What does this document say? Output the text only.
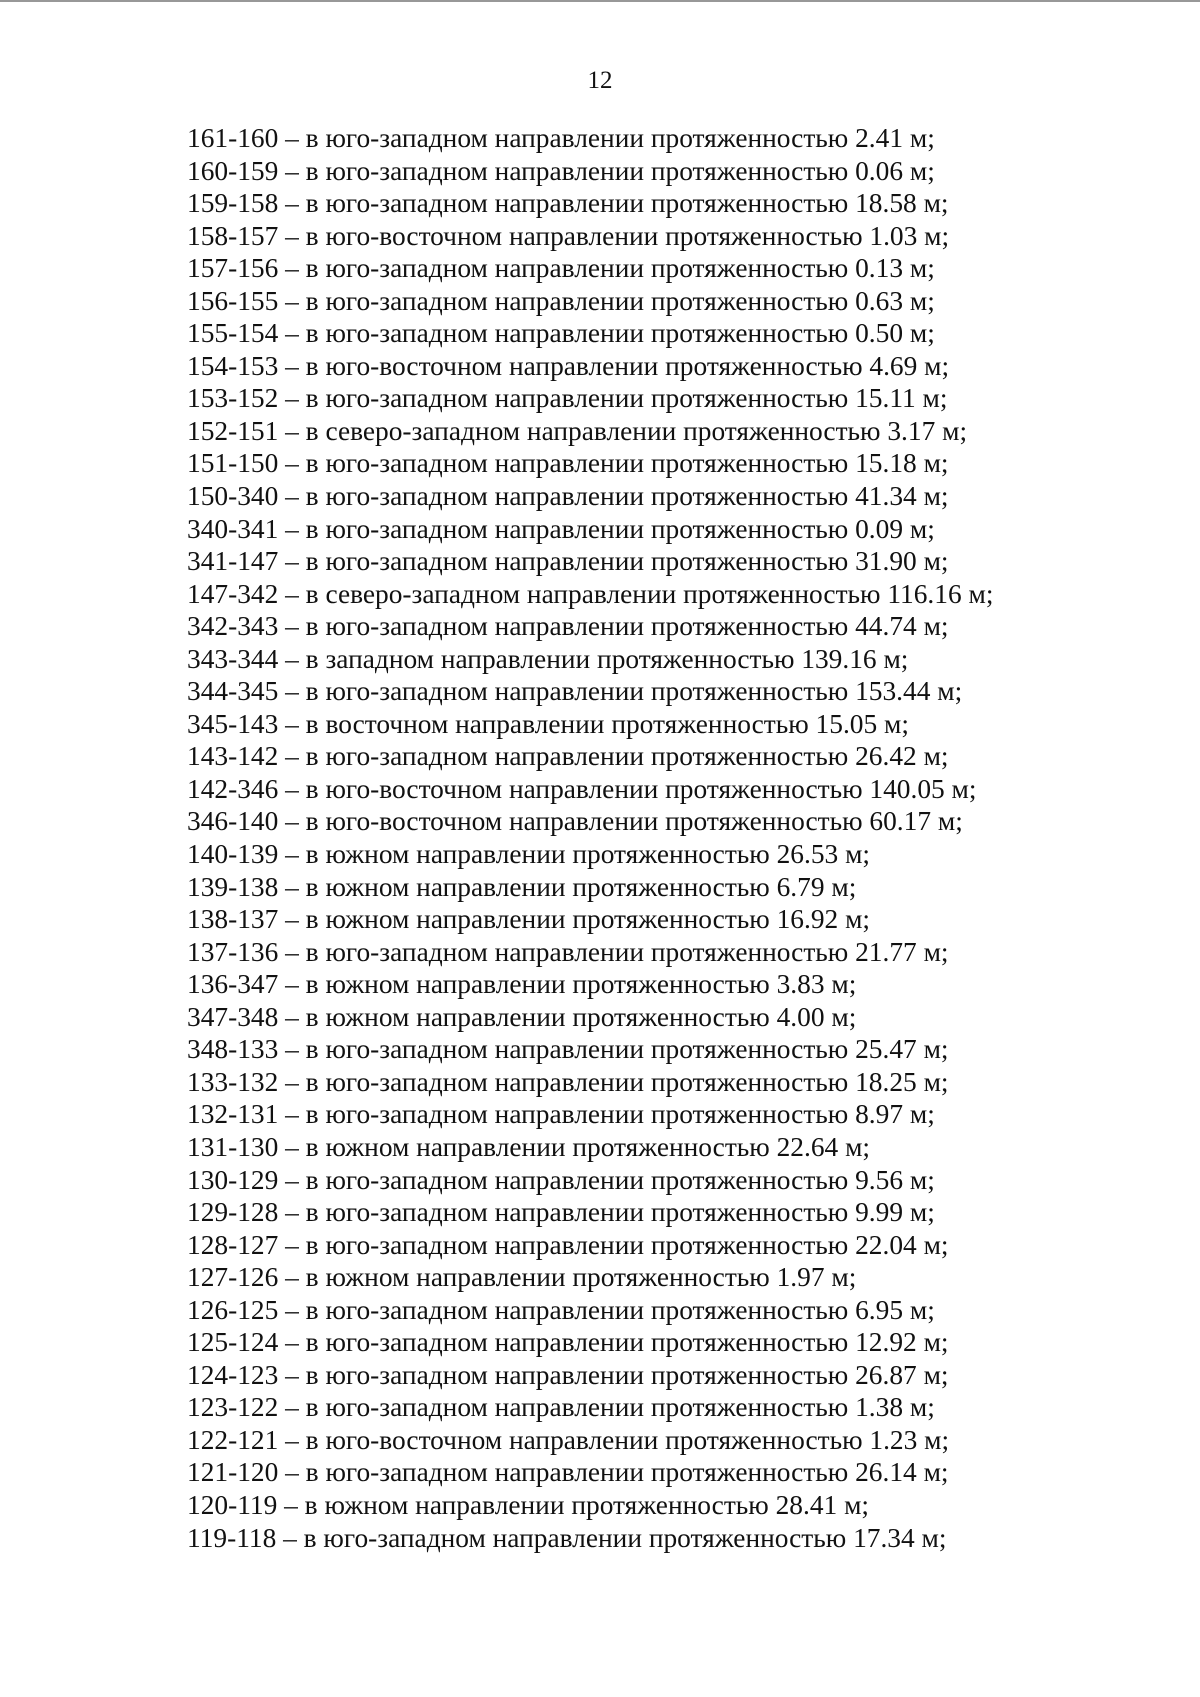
12
161-160 – в юго-западном направлении протяженностью 2.41 м;
160-159 – в юго-западном направлении протяженностью 0.06 м;
159-158 – в юго-западном направлении протяженностью 18.58 м;
158-157 – в юго-восточном направлении протяженностью 1.03 м;
157-156 – в юго-западном направлении протяженностью 0.13 м;
156-155 – в юго-западном направлении протяженностью 0.63 м;
155-154 – в юго-западном направлении протяженностью 0.50 м;
154-153 – в юго-восточном направлении протяженностью 4.69 м;
153-152 – в юго-западном направлении протяженностью 15.11 м;
152-151 – в северо-западном направлении протяженностью 3.17 м;
151-150 – в юго-западном направлении протяженностью 15.18 м;
150-340 – в юго-западном направлении протяженностью 41.34 м;
340-341 – в юго-западном направлении протяженностью 0.09 м;
341-147 – в юго-западном направлении протяженностью 31.90 м;
147-342 – в северо-западном направлении протяженностью 116.16 м;
342-343 – в юго-западном направлении протяженностью 44.74 м;
343-344 – в западном направлении протяженностью 139.16 м;
344-345 – в юго-западном направлении протяженностью 153.44 м;
345-143 – в восточном направлении протяженностью 15.05 м;
143-142 – в юго-западном направлении протяженностью 26.42 м;
142-346 – в юго-восточном направлении протяженностью 140.05 м;
346-140 – в юго-восточном направлении протяженностью 60.17 м;
140-139 – в южном направлении протяженностью 26.53 м;
139-138 – в южном направлении протяженностью 6.79 м;
138-137 – в южном направлении протяженностью 16.92 м;
137-136 – в юго-западном направлении протяженностью 21.77 м;
136-347 – в южном направлении протяженностью 3.83 м;
347-348 – в южном направлении протяженностью 4.00 м;
348-133 – в юго-западном направлении протяженностью 25.47 м;
133-132 – в юго-западном направлении протяженностью 18.25 м;
132-131 – в юго-западном направлении протяженностью 8.97 м;
131-130 – в южном направлении протяженностью 22.64 м;
130-129 – в юго-западном направлении протяженностью 9.56 м;
129-128 – в юго-западном направлении протяженностью 9.99 м;
128-127 – в юго-западном направлении протяженностью 22.04 м;
127-126 – в южном направлении протяженностью 1.97 м;
126-125 – в юго-западном направлении протяженностью 6.95 м;
125-124 – в юго-западном направлении протяженностью 12.92 м;
124-123 – в юго-западном направлении протяженностью 26.87 м;
123-122 – в юго-западном направлении протяженностью 1.38 м;
122-121 – в юго-восточном направлении протяженностью 1.23 м;
121-120 – в юго-западном направлении протяженностью 26.14 м;
120-119 – в южном направлении протяженностью 28.41 м;
119-118 – в юго-западном направлении протяженностью 17.34 м;
